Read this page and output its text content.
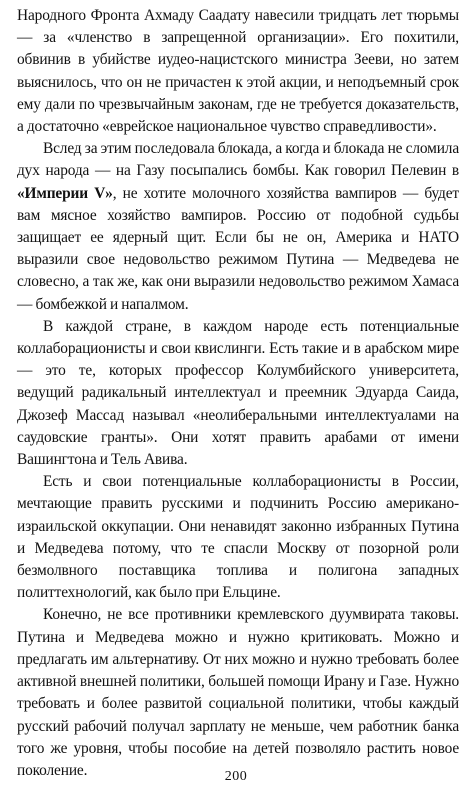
Народного Фронта Ахмаду Саадату навесили тридцать лет тюрьмы — за «членство в запрещенной организации». Его похитили, обвинив в убийстве иудео-нацистского министра Зееви, но затем выяснилось, что он не причастен к этой акции, и неподъемный срок ему дали по чрезвычайным законам, где не требуется доказательств, а достаточно «еврейское национальное чувство справедливости».

Вслед за этим последовала блокада, а когда и блокада не сломила дух народа — на Газу посыпались бомбы. Как говорил Пелевин в «Империи V», не хотите молочного хозяйства вампиров — будет вам мясное хозяйство вампиров. Россию от подобной судьбы защищает ее ядерный щит. Если бы не он, Америка и НАТО выразили свое недовольство режимом Путина — Медведева не словесно, а так же, как они выразили недовольство режимом Хамаса — бомбежкой и напалмом.

В каждой стране, в каждом народе есть потенциальные коллаборационисты и свои квислинги. Есть такие и в арабском мире — это те, которых профессор Колумбийского университета, ведущий радикальный интеллектуал и преемник Эдуарда Саида, Джозеф Массад называл «неолиберальными интеллектуалами на саудовские гранты». Они хотят править арабами от имени Вашингтона и Тель Авива.

Есть и свои потенциальные коллаборационисты в России, мечтающие править русскими и подчинить Россию американо-израильской оккупации. Они ненавидят законно избранных Путина и Медведева потому, что те спасли Москву от позорной роли безмолвного поставщика топлива и полигона западных политтехнологий, как было при Ельцине.

Конечно, не все противники кремлевского дуумвирата таковы. Путина и Медведева можно и нужно критиковать. Можно и предлагать им альтернативу. От них можно и нужно требовать более активной внешней политики, большей помощи Ирану и Газе. Нужно требовать и более развитой социальной политики, чтобы каждый русский рабочий получал зарплату не меньше, чем работник банка того же уровня, чтобы пособие на детей позволяло растить новое поколение.	200
